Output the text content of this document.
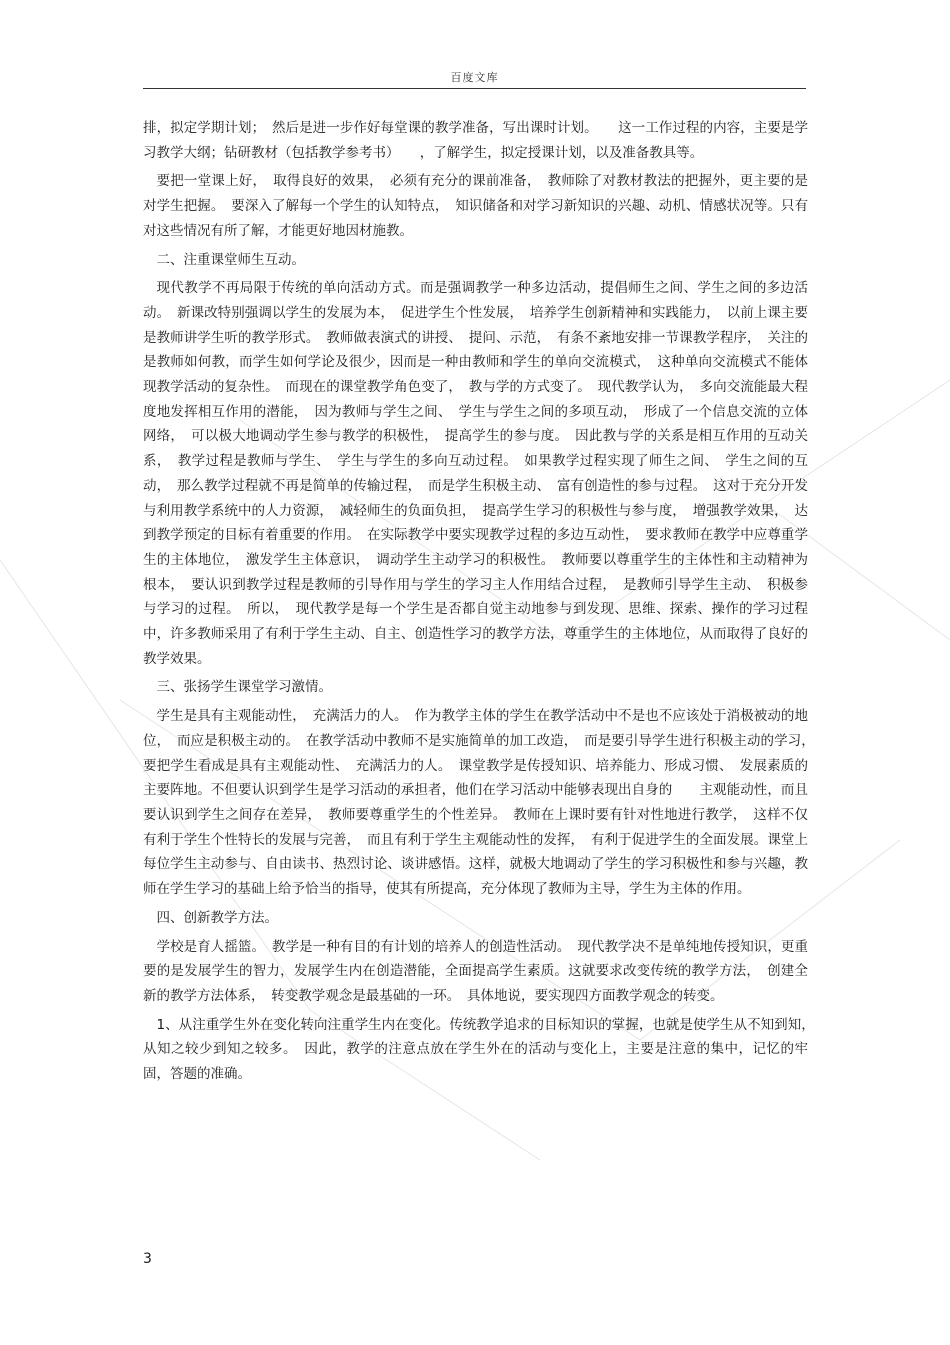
百度文库

排，拟定学期计划；　然后是进一步作好每堂课的教学准备，写出课时计划。　　这一工作过程的内容，主要是学习教学大纲；钻研教材（包括教学参考书）　　，了解学生，拟定授课计划，以及准备教具等。

要把一堂课上好，　取得良好的效果，　必须有充分的课前准备，　教师除了对教材教法的把握外，更主要的是对学生把握。　要深入了解每一个学生的认知特点，　知识储备和对学习新知识的兴趣、动机、情感状况等。只有对这些情况有所了解，才能更好地因材施教。

二、注重课堂师生互动。

现代教学不再局限于传统的单向活动方式。而是强调教学一种多边活动，提倡师生之间、学生之间的多边活动。　新课改特别强调以学生的发展为本，　促进学生个性发展，　培养学生创新精神和实践能力，　以前上课主要是教师讲学生听的教学形式。　教师做表演式的讲授、　提问、示范，　有条不紊地安排一节课教学程序，　关注的是教师如何教，而学生如何学论及很少，因而是一种由教师和学生的单向交流模式，　这种单向交流模式不能体现教学活动的复杂性。　而现在的课堂教学角色变了，　教与学的方式变了。　现代教学认为，　多向交流能最大程度地发挥相互作用的潜能，　因为教师与学生之间、　学生与学生之间的多项互动，　形成了一个信息交流的立体网络，　可以极大地调动学生参与教学的积极性，　提高学生的参与度。　因此教与学的关系是相互作用的互动关系，　教学过程是教师与学生、　学生与学生的多向互动过程。　如果教学过程实现了师生之间、　学生之间的互动，　那么教学过程就不再是简单的传输过程，　而是学生积极主动、　富有创造性的参与过程。　这对于充分开发与利用教学系统中的人力资源，　减轻师生的负面负担，　提高学生学习的积极性与参与度，　增强教学效果，　达到教学预定的目标有着重要的作用。　在实际教学中要实现教学过程的多边互动性，　要求教师在教学中应尊重学生的主体地位，　激发学生主体意识，　调动学生主动学习的积极性。　教师要以尊重学生的主体性和主动精神为根本，　要认识到教学过程是教师的引导作用与学生的学习主人作用结合过程，　是教师引导学生主动、　积极参与学习的过程。　所以，　现代教学是每一个学生是否都自觉主动地参与到发现、思维、探索、操作的学习过程中，许多教师采用了有利于学生主动、自主、创造性学习的教学方法，尊重学生的主体地位，从而取得了良好的教学效果。

三、张扬学生课堂学习激情。

学生是具有主观能动性，　充满活力的人。　作为教学主体的学生在教学活动中不是也不应该处于消极被动的地位，　而应是积极主动的。　在教学活动中教师不是实施简单的加工改造，　而是要引导学生进行积极主动的学习，　要把学生看成是具有主观能动性、　充满活力的人。　课堂教学是传授知识、培养能力、形成习惯、　发展素质的主要阵地。不但要认识到学生是学习活动的承担者，他们在学习活动中能够表现出自身的　　主观能动性，而且要认识到学生之间存在差异，　教师要尊重学生的个性差异。　教师在上课时要有针对性地进行教学，　这样不仅有利于学生个性特长的发展与完善，　而且有利于学生主观能动性的发挥，　有利于促进学生的全面发展。课堂上每位学生主动参与、自由读书、热烈讨论、谈讲感悟。这样，就极大地调动了学生的学习积极性和参与兴趣，教师在学生学习的基础上给予恰当的指导，使其有所提高，充分体现了教师为主导，学生为主体的作用。

四、创新教学方法。

学校是育人摇篮。　教学是一种有目的有计划的培养人的创造性活动。　现代教学决不是单纯地传授知识，更重要的是发展学生的智力，发展学生内在创造潜能，全面提高学生素质。这就要求改变传统的教学方法，　创建全新的教学方法体系，　转变教学观念是最基础的一环。　具体地说，要实现四方面教学观念的转变。

1、从注重学生外在变化转向注重学生内在变化。传统教学追求的目标知识的掌握，也就是使学生从不知到知，　从知之较少到知之较多。　因此，教学的注意点放在学生外在的活动与变化上，主要是注意的集中，记忆的牢固，答题的准确。

3
